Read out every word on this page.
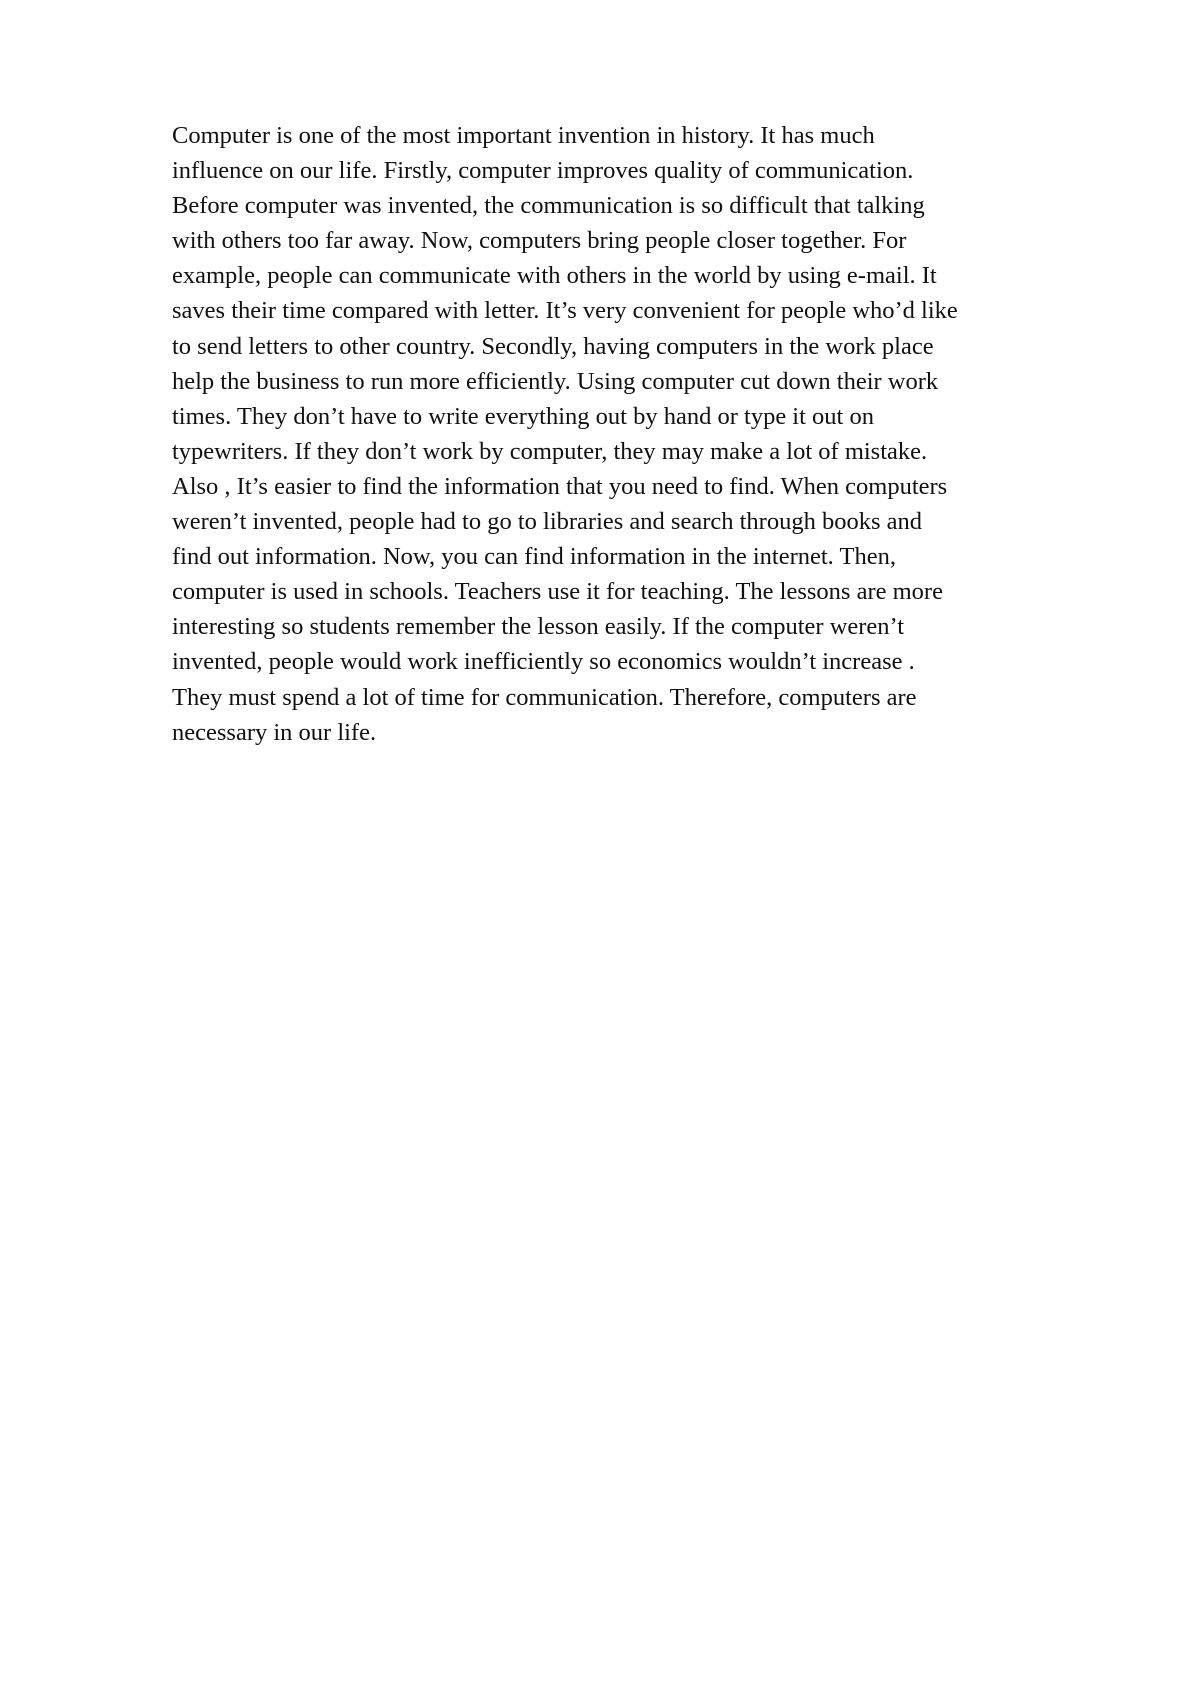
Computer is one of the most important invention in history. It has much
influence on our life. Firstly, computer improves quality of communication.
Before computer was invented, the communication is so difficult that talking
with others too far away. Now, computers bring people closer together. For
example, people can communicate with others in the world by using e-mail. It
saves their time compared with letter. It’s very convenient for people who’d like
to send letters to other country. Secondly, having computers in the work place
help the business to run more efficiently. Using computer cut down their work
times. They don’t have to write everything out by hand or type it out on
typewriters. If they don’t work by computer, they may make a lot of mistake.
Also , It’s easier to find the information that you need to find. When computers
weren’t invented, people had to go to libraries and search through books and
find out information. Now, you can find information in the internet. Then,
computer is used in schools. Teachers use it for teaching. The lessons are more
interesting so students remember the lesson easily. If the computer weren’t
invented, people would work inefficiently so economics wouldn’t increase .
They must spend a lot of time for communication. Therefore, computers are
necessary in our life.
